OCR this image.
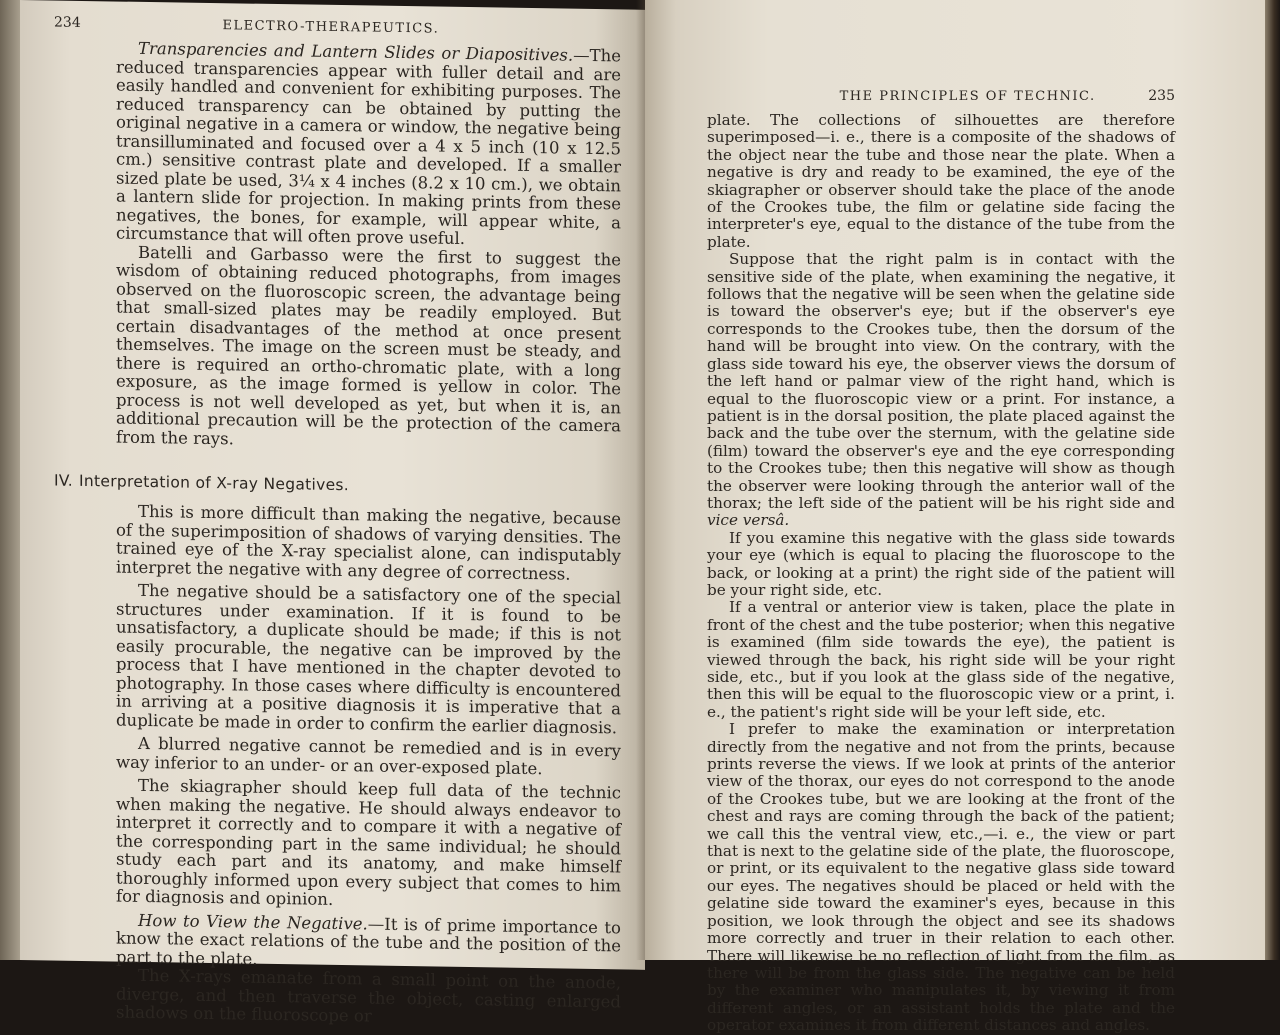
234	ELECTRO-THERAPEUTICS.

Transparencies and Lantern Slides or Diapositives.—The reduced transparencies appear with fuller detail and are easily handled and convenient for exhibiting purposes. The reduced transparency can be obtained by putting the original negative in a camera or window, the negative being transilluminated and focused over a 4 x 5 inch (10 x 12.5 cm.) sensitive contrast plate and developed. If a smaller sized plate be used, 3¼ x 4 inches (8.2 x 10 cm.), we obtain a lantern slide for projection. In making prints from these negatives, the bones, for example, will appear white, a circumstance that will often prove useful.

Batelli and Garbasso were the first to suggest the wisdom of obtaining reduced photographs, from images observed on the fluoroscopic screen, the advantage being that small-sized plates may be readily employed. But certain disadvantages of the method at once present themselves. The image on the screen must be steady, and there is required an ortho-chromatic plate, with a long exposure, as the image formed is yellow in color. The process is not well developed as yet, but when it is, an additional precaution will be the protection of the camera from the rays.

IV. Interpretation of X-ray Negatives.

This is more difficult than making the negative, because of the superimposition of shadows of varying densities. The trained eye of the X-ray specialist alone, can indisputably interpret the negative with any degree of correctness.

The negative should be a satisfactory one of the special structures under examination. If it is found to be unsatisfactory, a duplicate should be made; if this is not easily procurable, the negative can be improved by the process that I have mentioned in the chapter devoted to photography. In those cases where difficulty is encountered in arriving at a positive diagnosis it is imperative that a duplicate be made in order to confirm the earlier diagnosis.

A blurred negative cannot be remedied and is in every way inferior to an under- or an over-exposed plate.

The skiagrapher should keep full data of the technic when making the negative. He should always endeavor to interpret it correctly and to compare it with a negative of the corresponding part in the same individual; he should study each part and its anatomy, and make himself thoroughly informed upon every subject that comes to him for diagnosis and opinion.

How to View the Negative.—It is of prime importance to know the exact relations of the tube and the position of the part to the plate.

The X-rays emanate from a small point on the anode, diverge, and then traverse the object, casting enlarged shadows on the fluoroscope or

THE PRINCIPLES OF TECHNIC.	235

plate. The collections of silhouettes are therefore superimposed—i. e., there is a composite of the shadows of the object near the tube and those near the plate. When a negative is dry and ready to be examined, the eye of the skiagrapher or observer should take the place of the anode of the Crookes tube, the film or gelatine side facing the interpreter's eye, equal to the distance of the tube from the plate.

Suppose that the right palm is in contact with the sensitive side of the plate, when examining the negative, it follows that the negative will be seen when the gelatine side is toward the observer's eye; but if the observer's eye corresponds to the Crookes tube, then the dorsum of the hand will be brought into view. On the contrary, with the glass side toward his eye, the observer views the dorsum of the left hand or palmar view of the right hand, which is equal to the fluoroscopic view or a print. For instance, a patient is in the dorsal position, the plate placed against the back and the tube over the sternum, with the gelatine side (film) toward the observer's eye and the eye corresponding to the Crookes tube; then this negative will show as though the observer were looking through the anterior wall of the thorax; the left side of the patient will be his right side and vice versâ.

If you examine this negative with the glass side towards your eye (which is equal to placing the fluoroscope to the back, or looking at a print) the right side of the patient will be your right side, etc.

If a ventral or anterior view is taken, place the plate in front of the chest and the tube posterior; when this negative is examined (film side towards the eye), the patient is viewed through the back, his right side will be your right side, etc., but if you look at the glass side of the negative, then this will be equal to the fluoroscopic view or a print, i. e., the patient's right side will be your left side, etc.

I prefer to make the examination or interpretation directly from the negative and not from the prints, because prints reverse the views. If we look at prints of the anterior view of the thorax, our eyes do not correspond to the anode of the Crookes tube, but we are looking at the front of the chest and rays are coming through the back of the patient; we call this the ventral view, etc.,—i. e., the view or part that is next to the gelatine side of the plate, the fluoroscope, or print, or its equivalent to the negative glass side toward our eyes. The negatives should be placed or held with the gelatine side toward the examiner's eyes, because in this position, we look through the object and see its shadows more correctly and truer in their relation to each other. There will likewise be no reflection of light from the film, as there will be from the glass side. The negative can be held by the examiner who manipulates it, by viewing it from different angles, or an assistant holds the plate and the operator examines it from different distances and angles.
